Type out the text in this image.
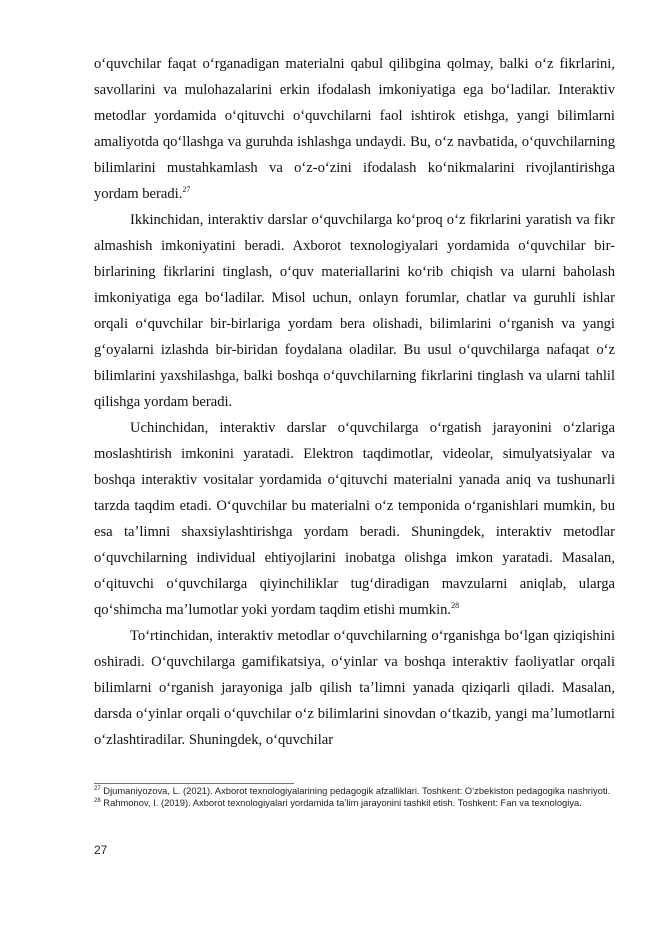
oʻquvchilar faqat oʻrganadigan materialni qabul qilibgina qolmay, balki oʻz fikrlarini, savollarini va mulohazalarini erkin ifodalash imkoniyatiga ega boʻladilar. Interaktiv metodlar yordamida oʻqituvchi oʻquvchilarni faol ishtirok etishga, yangi bilimlarni amaliyotda qoʻllashga va guruhda ishlashga undaydi. Bu, oʻz navbatida, oʻquvchilarning bilimlarini mustahkamlash va oʻz-oʻzini ifodalash koʻnikmalarini rivojlantirishga yordam beradi.$^{27}$

Ikkinchidan, interaktiv darslar oʻquvchilarga koʻproq oʻz fikrlarini yaratish va fikr almashish imkoniyatini beradi. Axborot texnologiyalari yordamida oʻquvchilar bir-birlarining fikrlarini tinglash, oʻquv materiallarini koʻrib chiqish va ularni baholash imkoniyatiga ega boʻladilar. Misol uchun, onlayn forumlar, chatlar va guruhli ishlar orqali oʻquvchilar bir-birlariga yordam bera olishadi, bilimlarini oʻrganish va yangi gʻoyalarni izlashda bir-biridan foydalana oladilar. Bu usul oʻquvchilarga nafaqat oʻz bilimlarini yaxshilashga, balki boshqa oʻquvchilarning fikrlarini tinglash va ularni tahlil qilishga yordam beradi.

Uchinchidan, interaktiv darslar oʻquvchilarga oʻrgatish jarayonini oʻzlariga moslashtirish imkonini yaratadi. Elektron taqdimotlar, videolar, simulyatsiyalar va boshqa interaktiv vositalar yordamida oʻqituvchi materialni yanada aniq va tushunarli tarzda taqdim etadi. Oʻquvchilar bu materialni oʻz temponida oʻrganishlari mumkin, bu esa taʼlimni shaxsiylashtirishga yordam beradi. Shuningdek, interaktiv metodlar oʻquvchilarning individual ehtiyojlarini inobatga olishga imkon yaratadi. Masalan, oʻqituvchi oʻquvchilarga qiyinchiliklar tugʻdiradigan mavzularni aniqlab, ularga qoʻshimcha maʼlumotlar yoki yordam taqdim etishi mumkin.$^{28}$

Toʻrtinchidan, interaktiv metodlar oʻquvchilarning oʻrganishga boʻlgan qiziqishini oshiradi. Oʻquvchilarga gamifikatsiya, oʻyinlar va boshqa interaktiv faoliyatlar orqali bilimlarni oʻrganish jarayoniga jalb qilish taʼlimni yanada qiziqarli qiladi. Masalan, darsda oʻyinlar orqali oʻquvchilar oʻz bilimlarini sinovdan oʻtkazib, yangi maʼlumotlarni oʻzlashtiradilar. Shuningdek, oʻquvchilar

$^{27}$ Djumaniyozova, L. (2021). Axborot texnologiyalarining pedagogik afzalliklari. Toshkent: Oʻzbekiston pedagogika nashriyoti.

$^{28}$ Rahmonov, I. (2019). Axborot texnologiyalari yordamida taʼlim jarayonini tashkil etish. Toshkent: Fan va texnologiya.

27
